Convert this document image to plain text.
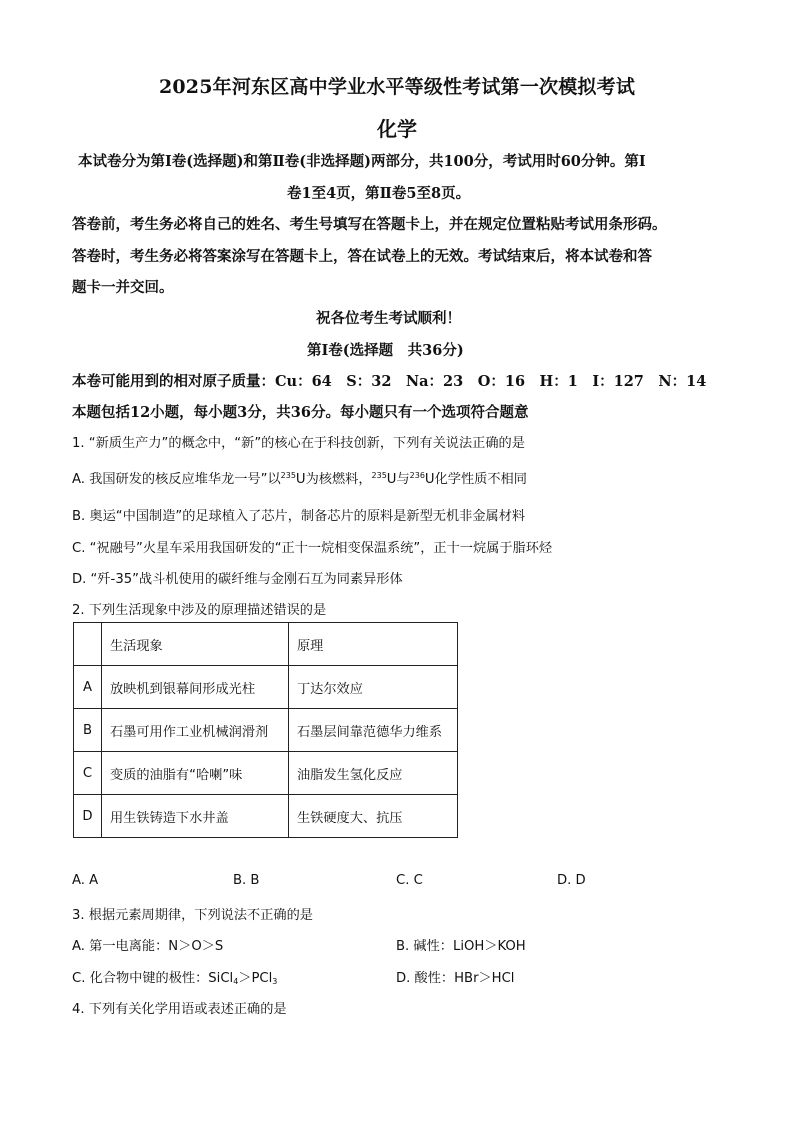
2025年河东区高中学业水平等级性考试第一次模拟考试
化学
本试卷分为第Ⅰ卷(选择题)和第Ⅱ卷(非选择题)两部分，共100分，考试用时60分钟。第Ⅰ
卷1至4页，第Ⅱ卷5至8页。
答卷前，考生务必将自己的姓名、考生号填写在答题卡上，并在规定位置粘贴考试用条形码。
答卷时，考生务必将答案涂写在答题卡上，答在试卷上的无效。考试结束后，将本试卷和答
题卡一并交回。
祝各位考生考试顺利！
第Ⅰ卷(选择题　共36分)
本卷可能用到的相对原子质量：Cu：64　S：32　Na：23　O：16　H：1　I：127　N：14
本题包括12小题，每小题3分，共36分。每小题只有一个选项符合题意
1. “新质生产力”的概念中，“新”的核心在于科技创新，下列有关说法正确的是
A. 我国研发的核反应堆华龙一号”以$^{235}$U为核燃料，$^{235}$U与$^{236}$U化学性质不相同
B. 奥运“中国制造”的足球植入了芯片，制备芯片的原料是新型无机非金属材料
C. “祝融号”火星车采用我国研发的“正十一烷相变保温系统”，正十一烷属于脂环烃
D. “歼-35”战斗机使用的碳纤维与金刚石互为同素异形体
2. 下列生活现象中涉及的原理描述错误的是
	生活现象	原理
A	放映机到银幕间形成光柱	丁达尔效应
B	石墨可用作工业机械润滑剂	石墨层间靠范德华力维系
C	变质的油脂有“哈喇”味	油脂发生氢化反应
D	用生铁铸造下水井盖	生铁硬度大、抗压
A. A	B. B	C. C	D. D
3. 根据元素周期律，下列说法不正确的是
A. 第一电离能：N＞O＞S	B. 碱性：LiOH＞KOH
C. 化合物中键的极性：SiCl$_4$＞PCl$_3$	D. 酸性：HBr＞HCl
4. 下列有关化学用语或表述正确的是
